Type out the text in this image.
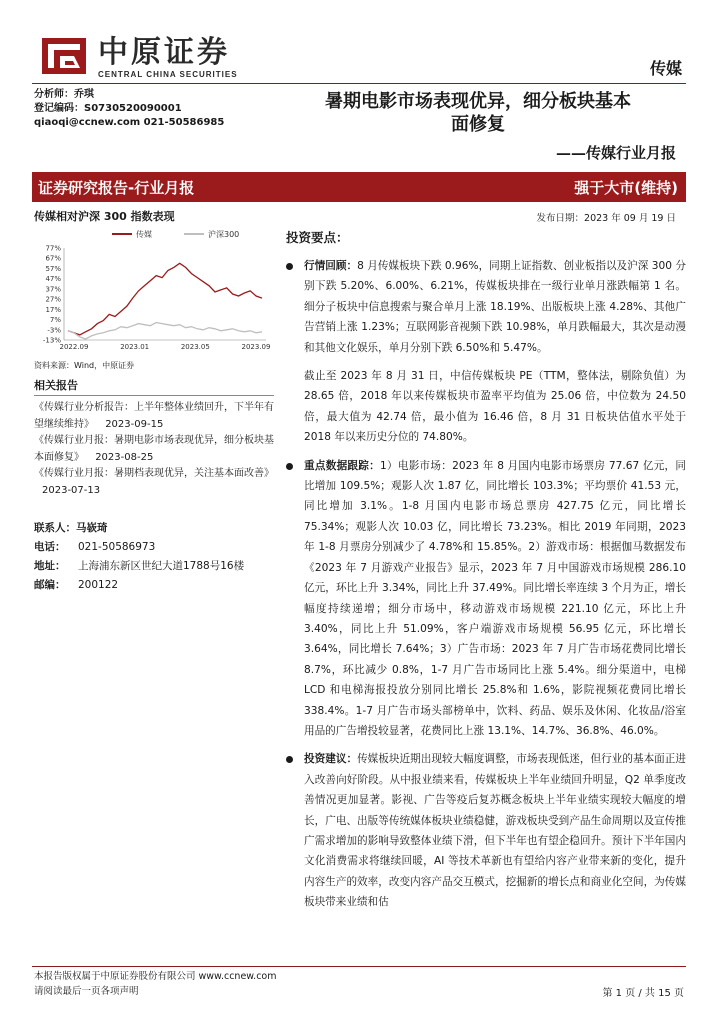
中原证券
CENTRAL CHINA SECURITIES	传媒
分析师：乔琪
登记编码：S0730520090001
qiaoqi@ccnew.com 021-50586985
暑期电影市场表现优异，细分板块基本
面修复
——传媒行业月报
证券研究报告-行业月报	强于大市(维持)
传媒相对沪深 300 指数表现
77%
67%
57%
47%
37%
27%
17%
7%
-3%
-13%
2022.09	2023.01	2023.05	2023.09
传媒	沪深300
资料来源：Wind，中原证券
相关报告
《传媒行业分析报告：上半年整体业绩回升，下半年有望继续维持》 2023-09-15
《传媒行业月报：暑期电影市场表现优异，细分板块基本面修复》 2023-08-25
《传媒行业月报：暑期档表现优异，关注基本面改善》 2023-07-13
联系人： 马嵚琦
电话：	021-50586973
地址：	上海浦东新区世纪大道1788号16楼
邮编：	200122
发布日期：2023 年 09 月 19 日
投资要点：
行情回顾：8 月传媒板块下跌 0.96%，同期上证指数、创业板指以及沪深 300 分别下跌 5.20%、6.00%、6.21%，传媒板块排在一级行业单月涨跌幅第 1 名。细分子板块中信息搜索与聚合单月上涨 18.19%、出版板块上涨 4.28%、其他广告营销上涨 1.23%；互联网影音视频下跌 10.98%，单月跌幅最大，其次是动漫和其他文化娱乐，单月分别下跌 6.50%和 5.47%。
截止至 2023 年 8 月 31 日，中信传媒板块 PE（TTM，整体法，剔除负值）为 28.65 倍，2018 年以来传媒板块市盈率平均值为 25.06 倍，中位数为 24.50 倍，最大值为 42.74 倍，最小值为 16.46 倍，8 月 31 日板块估值水平处于 2018 年以来历史分位的 74.80%。
重点数据跟踪：1）电影市场：2023 年 8 月国内电影市场票房 77.67 亿元，同比增加 109.5%；观影人次 1.87 亿，同比增长 103.3%；平均票价 41.53 元，同比增加 3.1%。1-8 月国内电影市场总票房 427.75 亿元，同比增长 75.34%；观影人次 10.03 亿，同比增长 73.23%。相比 2019 年同期，2023 年 1-8 月票房分别减少了 4.78%和 15.85%。2）游戏市场：根据伽马数据发布《2023 年 7 月游戏产业报告》显示，2023 年 7 月中国游戏市场规模 286.10 亿元，环比上升 3.34%，同比上升 37.49%。同比增长率连续 3 个月为正，增长幅度持续递增；细分市场中，移动游戏市场规模 221.10 亿元，环比上升 3.40%，同比上升 51.09%，客户端游戏市场规模 56.95 亿元，环比增长 3.64%，同比增长 7.64%；3）广告市场：2023 年 7 月广告市场花费同比增长 8.7%，环比减少 0.8%，1-7 月广告市场同比上涨 5.4%。细分渠道中，电梯 LCD 和电梯海报投放分别同比增长 25.8%和 1.6%，影院视频花费同比增长 338.4%。1-7 月广告市场头部榜单中，饮料、药品、娱乐及休闲、化妆品/浴室用品的广告增投较显著，花费同比上涨 13.1%、14.7%、36.8%、46.0%。
投资建议：传媒板块近期出现较大幅度调整，市场表现低迷，但行业的基本面正进入改善向好阶段。从中报业绩来看，传媒板块上半年业绩回升明显，Q2 单季度改善情况更加显著。影视、广告等疫后复苏概念板块上半年业绩实现较大幅度的增长，广电、出版等传统媒体板块业绩稳健，游戏板块受到产品生命周期以及宣传推广需求增加的影响导致整体业绩下滑，但下半年也有望企稳回升。预计下半年国内文化消费需求将继续回暖，AI 等技术革新也有望给内容产业带来新的变化，提升内容生产的效率，改变内容产品交互模式，挖掘新的增长点和商业化空间，为传媒板块带来业绩和估
本报告版权属于中原证券股份有限公司 www.ccnew.com
请阅读最后一页各项声明	第 1 页 / 共 15 页
